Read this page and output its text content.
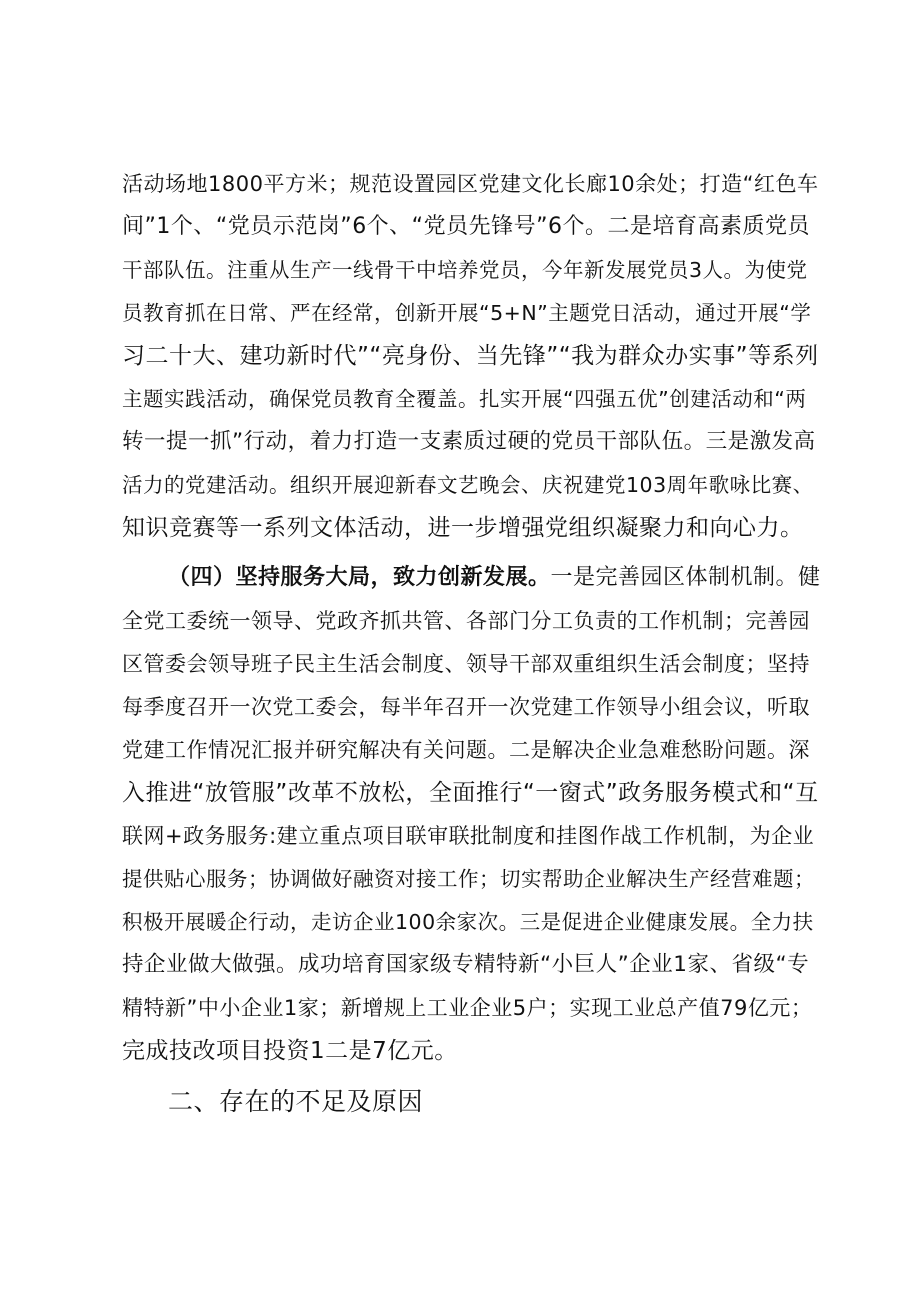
活动场地1800平方米；规范设置园区党建文化长廊10余处；打造“红色车
间”1个、“党员示范岗”6个、“党员先锋号”6个。二是培育高素质党员
干部队伍。注重从生产一线骨干中培养党员，今年新发展党员3人。为使党
员教育抓在日常、严在经常，创新开展“5+N”主题党日活动，通过开展“学
习二十大、建功新时代”“亮身份、当先锋”“我为群众办实事”等系列
主题实践活动，确保党员教育全覆盖。扎实开展“四强五优”创建活动和“两
转一提一抓”行动，着力打造一支素质过硬的党员干部队伍。三是激发高
活力的党建活动。组织开展迎新春文艺晚会、庆祝建党103周年歌咏比赛、
知识竞赛等一系列文体活动，进一步增强党组织凝聚力和向心力。
（四）坚持服务大局，致力创新发展。一是完善园区体制机制。健
全党工委统一领导、党政齐抓共管、各部门分工负责的工作机制；完善园
区管委会领导班子民主生活会制度、领导干部双重组织生活会制度；坚持
每季度召开一次党工委会，每半年召开一次党建工作领导小组会议，听取
党建工作情况汇报并研究解决有关问题。二是解决企业急难愁盼问题。深
入推进“放管服”改革不放松，全面推行“一窗式”政务服务模式和“互
联网+政务服务:建立重点项目联审联批制度和挂图作战工作机制，为企业
提供贴心服务；协调做好融资对接工作；切实帮助企业解决生产经营难题；
积极开展暖企行动，走访企业100余家次。三是促进企业健康发展。全力扶
持企业做大做强。成功培育国家级专精特新“小巨人”企业1家、省级“专
精特新”中小企业1家；新增规上工业企业5户；实现工业总产值79亿元；
完成技改项目投资1二是7亿元。
二、存在的不足及原因
